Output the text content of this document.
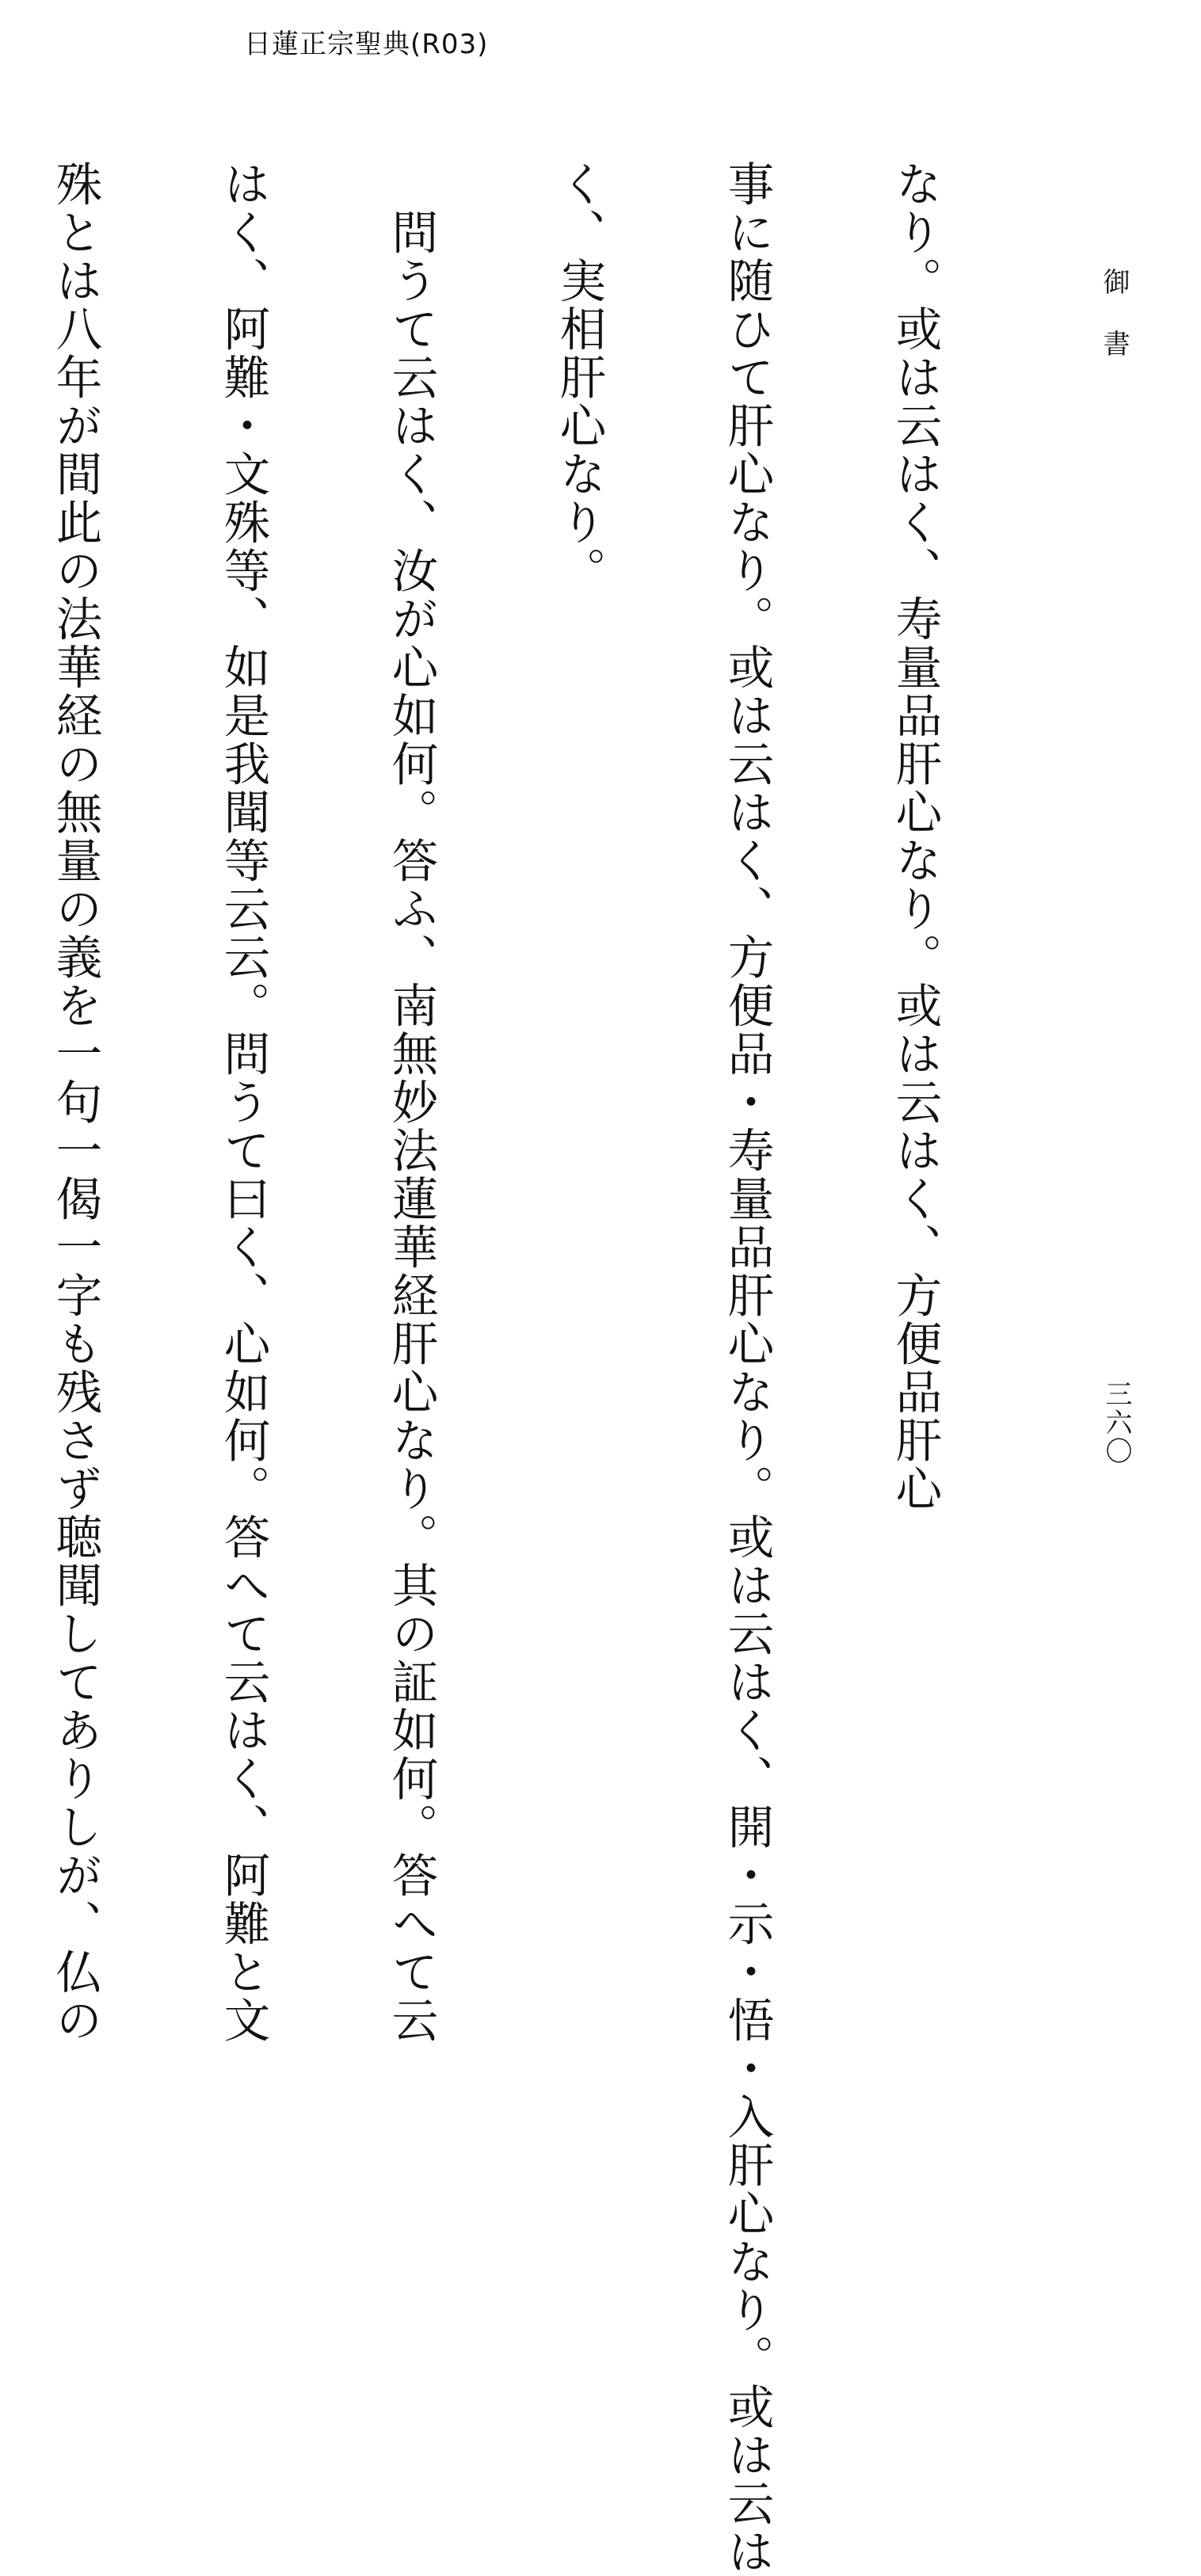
日蓮正宗聖典(R03)
御書
三六〇

なり。或は云はく、寿量品肝心なり。或は云はく、方便品肝心

事に随ひて肝心なり。或は云はく、方便品・寿量品肝心なり。或は云はく、開・示・悟・入肝心なり。或は云は

く、実相肝心なり。

　問うて云はく、汝が心如何。答ふ、南無妙法蓮華経肝心なり。其の証如何。答へて云

はく、阿難・文殊等、如是我聞等云云。問うて曰く、心如何。答へて云はく、阿難と文

殊とは八年が間此の法華経の無量の義を一句一偈一字も残さず聴聞してありしが、仏の
